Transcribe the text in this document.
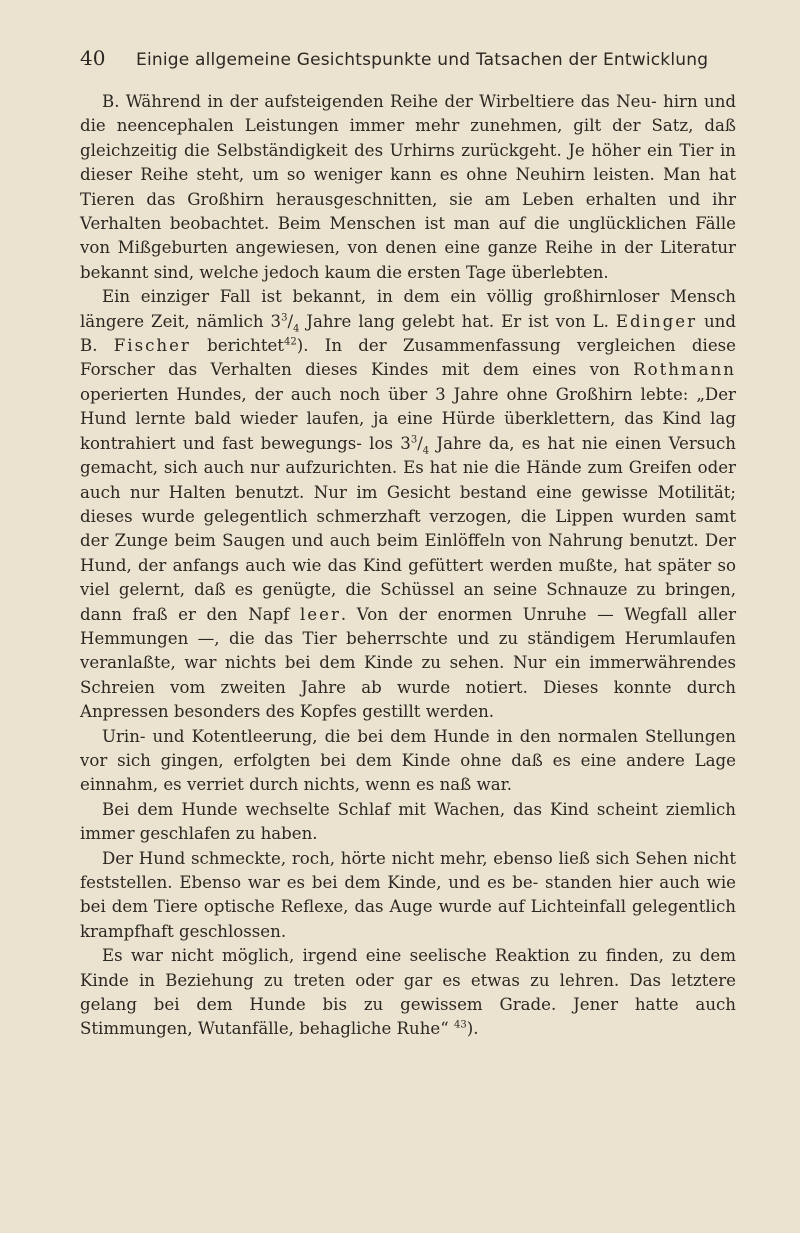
40	Einige allgemeine Gesichtspunkte und Tatsachen der Entwicklung

B. Während in der aufsteigenden Reihe der Wirbeltiere das Neu- hirn und die neencephalen Leistungen immer mehr zunehmen, gilt der Satz, daß gleichzeitig die Selbständigkeit des Urhirns zurückgeht. Je höher ein Tier in dieser Reihe steht, um so weniger kann es ohne Neuhirn leisten. Man hat Tieren das Großhirn herausgeschnitten, sie am Leben erhalten und ihr Verhalten beobachtet. Beim Menschen ist man auf die unglücklichen Fälle von Mißgeburten angewiesen, von denen eine ganze Reihe in der Literatur bekannt sind, welche jedoch kaum die ersten Tage überlebten.

Ein einziger Fall ist bekannt, in dem ein völlig großhirnloser Mensch längere Zeit, nämlich $3^3/_4$ Jahre lang gelebt hat. Er ist von L. Edinger und B. Fischer berichtet$^{42}$). In der Zusammenfassung vergleichen diese Forscher das Verhalten dieses Kindes mit dem eines von Rothmann operierten Hundes, der auch noch über 3 Jahre ohne Großhirn lebte: „Der Hund lernte bald wieder laufen, ja eine Hürde überklettern, das Kind lag kontrahiert und fast bewegungs- los $3^3/_4$ Jahre da, es hat nie einen Versuch gemacht, sich auch nur aufzurichten. Es hat nie die Hände zum Greifen oder auch nur Halten benutzt. Nur im Gesicht bestand eine gewisse Motilität; dieses wurde gelegentlich schmerzhaft verzogen, die Lippen wurden samt der Zunge beim Saugen und auch beim Einlöffeln von Nahrung benutzt. Der Hund, der anfangs auch wie das Kind gefüttert werden mußte, hat später so viel gelernt, daß es genügte, die Schüssel an seine Schnauze zu bringen, dann fraß er den Napf leer. Von der enormen Unruhe — Wegfall aller Hemmungen —, die das Tier beherrschte und zu ständigem Herumlaufen veranlaßte, war nichts bei dem Kinde zu sehen. Nur ein immerwährendes Schreien vom zweiten Jahre ab wurde notiert. Dieses konnte durch Anpressen besonders des Kopfes gestillt werden.

Urin- und Kotentleerung, die bei dem Hunde in den normalen Stellungen vor sich gingen, erfolgten bei dem Kinde ohne daß es eine andere Lage einnahm, es verriet durch nichts, wenn es naß war.

Bei dem Hunde wechselte Schlaf mit Wachen, das Kind scheint ziemlich immer geschlafen zu haben.

Der Hund schmeckte, roch, hörte nicht mehr, ebenso ließ sich Sehen nicht feststellen. Ebenso war es bei dem Kinde, und es be- standen hier auch wie bei dem Tiere optische Reflexe, das Auge wurde auf Lichteinfall gelegentlich krampfhaft geschlossen.

Es war nicht möglich, irgend eine seelische Reaktion zu finden, zu dem Kinde in Beziehung zu treten oder gar es etwas zu lehren. Das letztere gelang bei dem Hunde bis zu gewissem Grade. Jener hatte auch Stimmungen, Wutanfälle, behagliche Ruhe“ $^{43}$).
